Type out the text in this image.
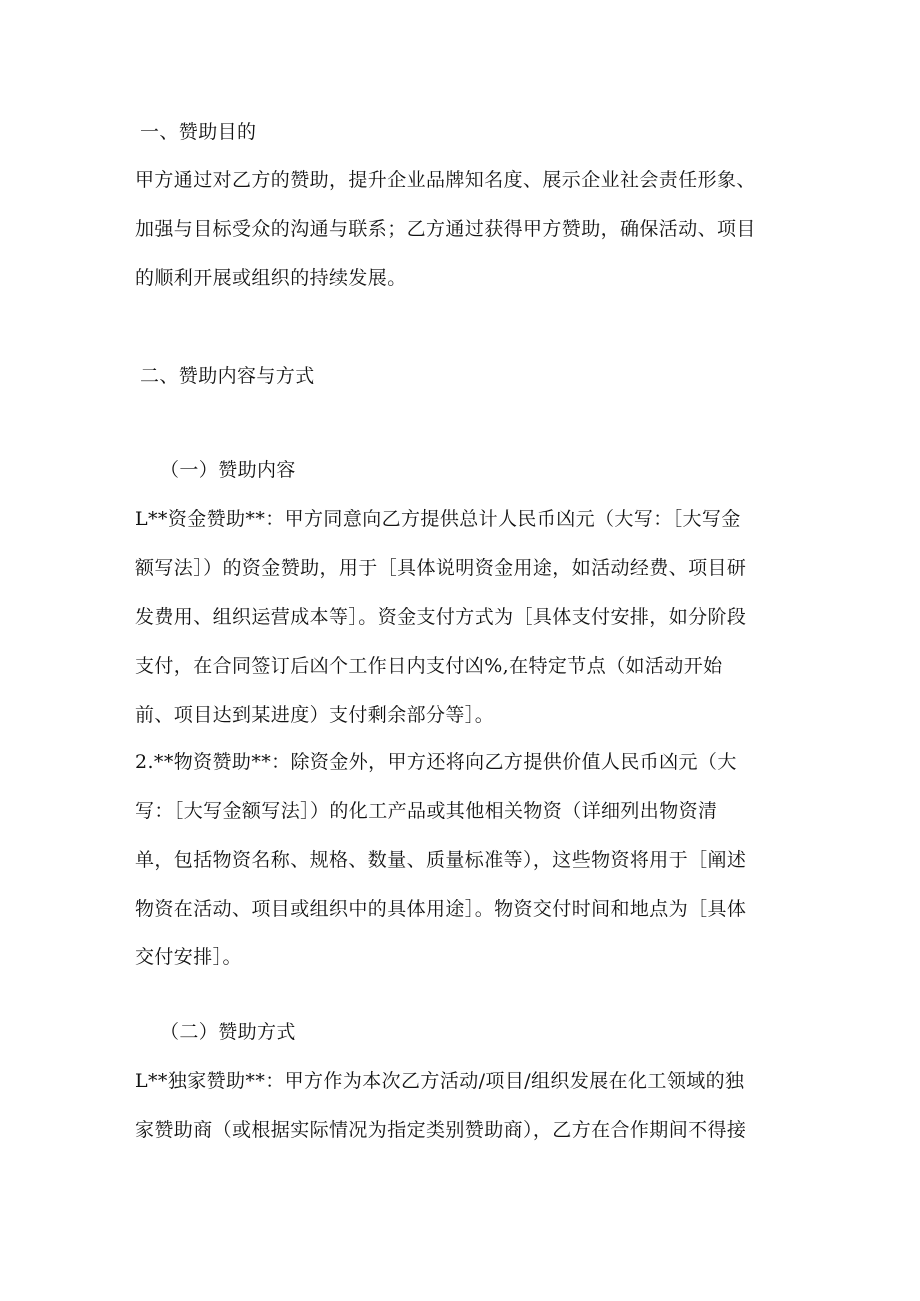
一、赞助目的
甲方通过对乙方的赞助，提升企业品牌知名度、展示企业社会责任形象、
加强与目标受众的沟通与联系；乙方通过获得甲方赞助，确保活动、项目
的顺利开展或组织的持续发展。
二、赞助内容与方式
（一）赞助内容
L**资金赞助**：甲方同意向乙方提供总计人民币凶元（大写：［大写金
额写法］）的资金赞助，用于［具体说明资金用途，如活动经费、项目研
发费用、组织运营成本等］。资金支付方式为［具体支付安排，如分阶段
支付，在合同签订后凶个工作日内支付凶%,在特定节点（如活动开始
前、项目达到某进度）支付剩余部分等］。
2.**物资赞助**：除资金外，甲方还将向乙方提供价值人民币凶元（大
写：［大写金额写法］）的化工产品或其他相关物资（详细列出物资清
单，包括物资名称、规格、数量、质量标准等），这些物资将用于［阐述
物资在活动、项目或组织中的具体用途］。物资交付时间和地点为［具体
交付安排］。
（二）赞助方式
L**独家赞助**：甲方作为本次乙方活动/项目/组织发展在化工领域的独
家赞助商（或根据实际情况为指定类别赞助商），乙方在合作期间不得接
